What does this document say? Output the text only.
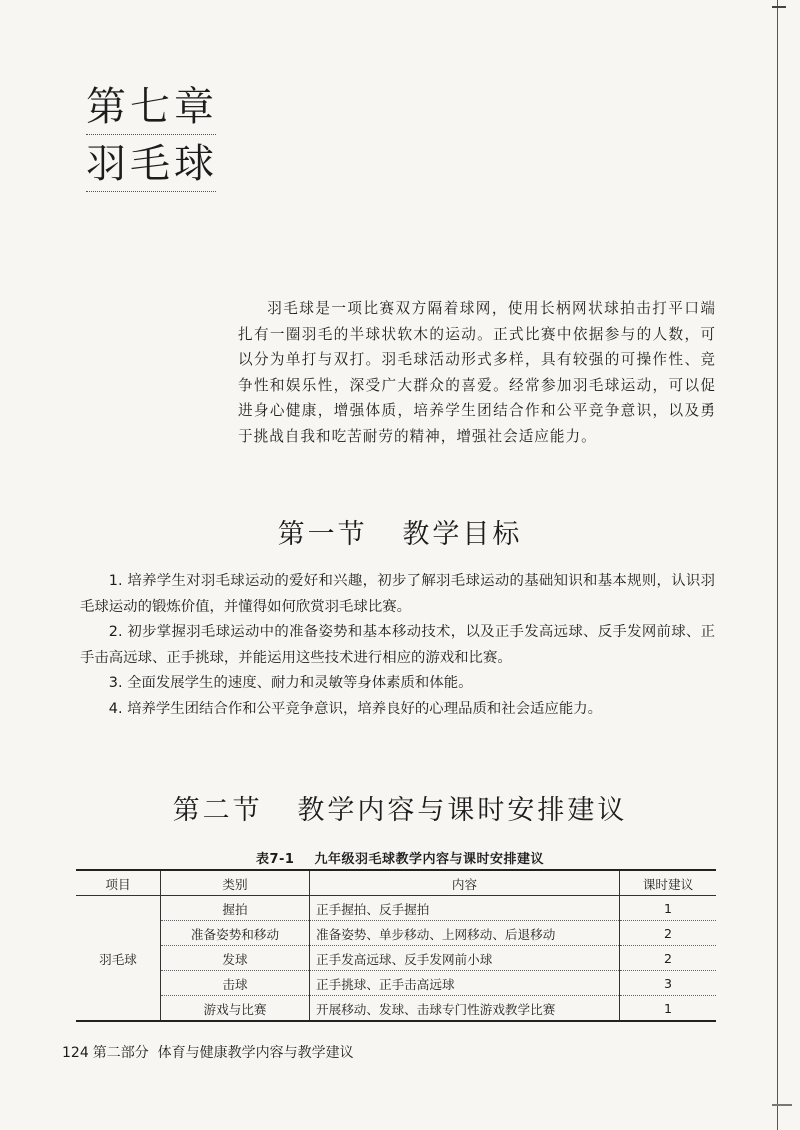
第七章
羽毛球
羽毛球是一项比赛双方隔着球网，使用长柄网状球拍击打平口端扎有一圈羽毛的半球状软木的运动。正式比赛中依据参与的人数，可以分为单打与双打。羽毛球活动形式多样，具有较强的可操作性、竞争性和娱乐性，深受广大群众的喜爱。经常参加羽毛球运动，可以促进身心健康，增强体质，培养学生团结合作和公平竞争意识，以及勇于挑战自我和吃苦耐劳的精神，增强社会适应能力。
第一节   教学目标

1. 培养学生对羽毛球运动的爱好和兴趣，初步了解羽毛球运动的基础知识和基本规则，认识羽毛球运动的锻炼价值，并懂得如何欣赏羽毛球比赛。

2. 初步掌握羽毛球运动中的准备姿势和基本移动技术，以及正手发高远球、反手发网前球、正手击高远球、正手挑球，并能运用这些技术进行相应的游戏和比赛。

3. 全面发展学生的速度、耐力和灵敏等身体素质和体能。

4. 培养学生团结合作和公平竞争意识，培养良好的心理品质和社会适应能力。

第二节   教学内容与课时安排建议
表7-1    九年级羽毛球教学内容与课时安排建议
项目	类别	内容	课时建议
羽毛球	握拍	正手握拍、反手握拍	1
	准备姿势和移动	准备姿势、单步移动、上网移动、后退移动	2
	发球	正手发高远球、反手发网前小球	2
	击球	正手挑球、正手击高远球	3
	游戏与比赛	开展移动、发球、击球专门性游戏教学比赛	1
124 第二部分 体育与健康教学内容与教学建议
